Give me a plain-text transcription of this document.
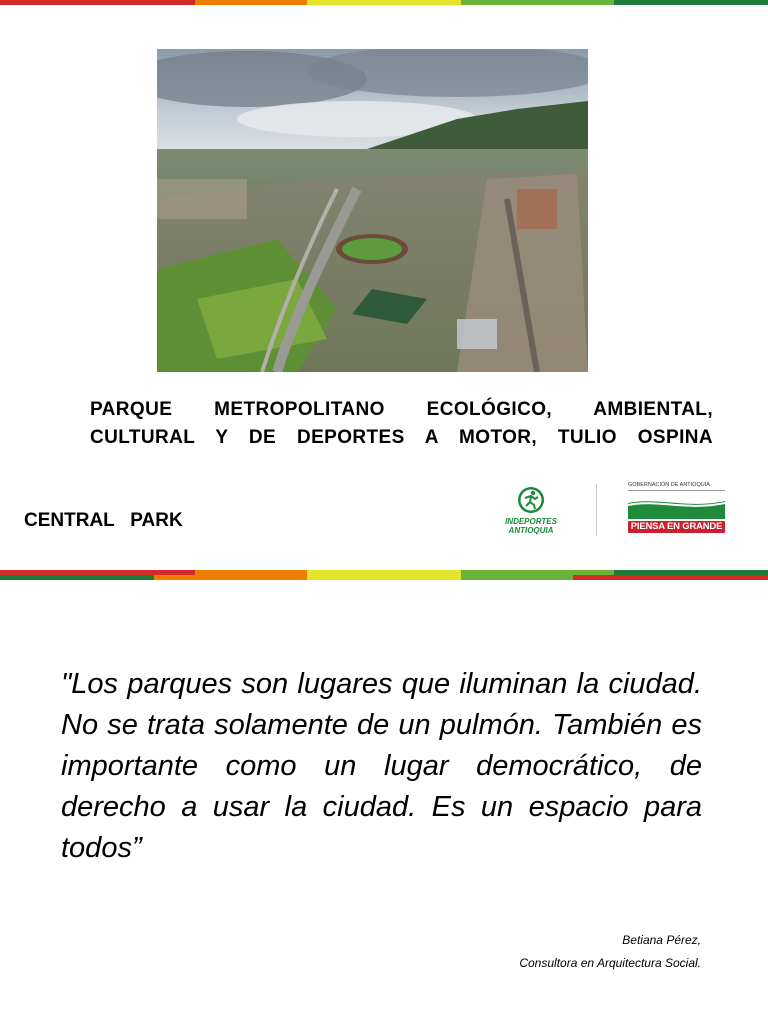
PARQUE METROPOLITANO ECOLÓGICO, AMBIENTAL,
CULTURAL Y DE DEPORTES A MOTOR, TULIO OSPINA
CENTRAL   PARK	INDEPORTES
ANTIOQUIA
GOBERNACIÓN DE ANTIOQUIA
PIENSA EN GRANDE
"Los parques son lugares que iluminan la ciudad. No se trata solamente de un pulmón. También es importante como un lugar democrático, de derecho a usar la ciudad. Es un espacio para todos”
Betiana Pérez,
Consultora en Arquitectura Social.
